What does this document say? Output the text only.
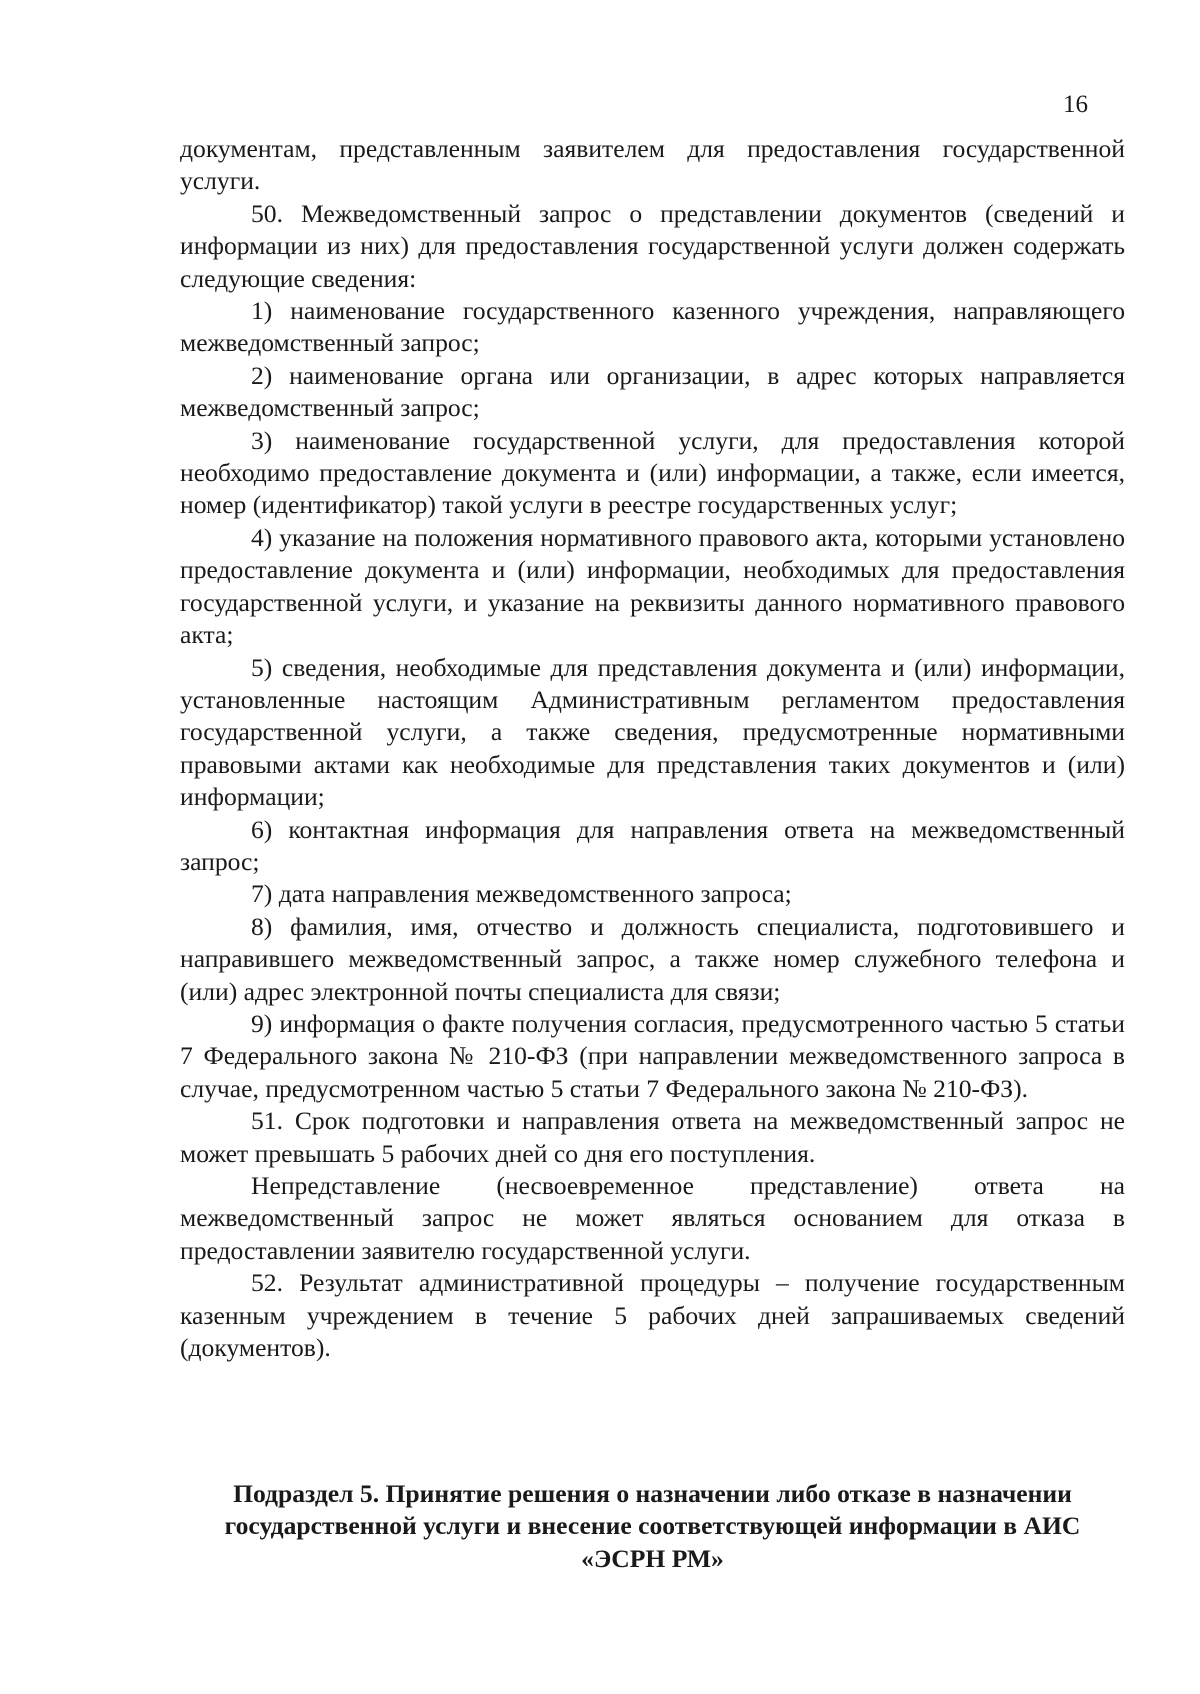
16

документам, представленным заявителем для предоставления государственной услуги.

50. Межведомственный запрос о представлении документов (сведений и информации из них) для предоставления государственной услуги должен содержать следующие сведения:

1) наименование государственного казенного учреждения, направляющего межведомственный запрос;

2) наименование органа или организации, в адрес которых направляется межведомственный запрос;

3) наименование государственной услуги, для предоставления которой необходимо предоставление документа и (или) информации, а также, если имеется, номер (идентификатор) такой услуги в реестре государственных услуг;

4) указание на положения нормативного правового акта, которыми установлено предоставление документа и (или) информации, необходимых для предоставления государственной услуги, и указание на реквизиты данного нормативного правового акта;

5) сведения, необходимые для представления документа и (или) информации, установленные настоящим Административным регламентом предоставления государственной услуги, а также сведения, предусмотренные нормативными правовыми актами как необходимые для представления таких документов и (или) информации;

6) контактная информация для направления ответа на межведомственный запрос;

7) дата направления межведомственного запроса;

8) фамилия, имя, отчество и должность специалиста, подготовившего и направившего межведомственный запрос, а также номер служебного телефона и (или) адрес электронной почты специалиста для связи;

9) информация о факте получения согласия, предусмотренного частью 5 статьи 7 Федерального закона № 210-ФЗ (при направлении межведомственного запроса в случае, предусмотренном частью 5 статьи 7 Федерального закона № 210-ФЗ).

51. Срок подготовки и направления ответа на межведомственный запрос не может превышать 5 рабочих дней со дня его поступления.

Непредставление (несвоевременное представление) ответа на межведомственный запрос не может являться основанием для отказа в предоставлении заявителю государственной услуги.

52. Результат административной процедуры – получение государственным казенным учреждением в течение 5 рабочих дней запрашиваемых сведений (документов).

Подраздел 5. Принятие решения о назначении либо отказе в назначении государственной услуги и внесение соответствующей информации в АИС «ЭСРН РМ»
